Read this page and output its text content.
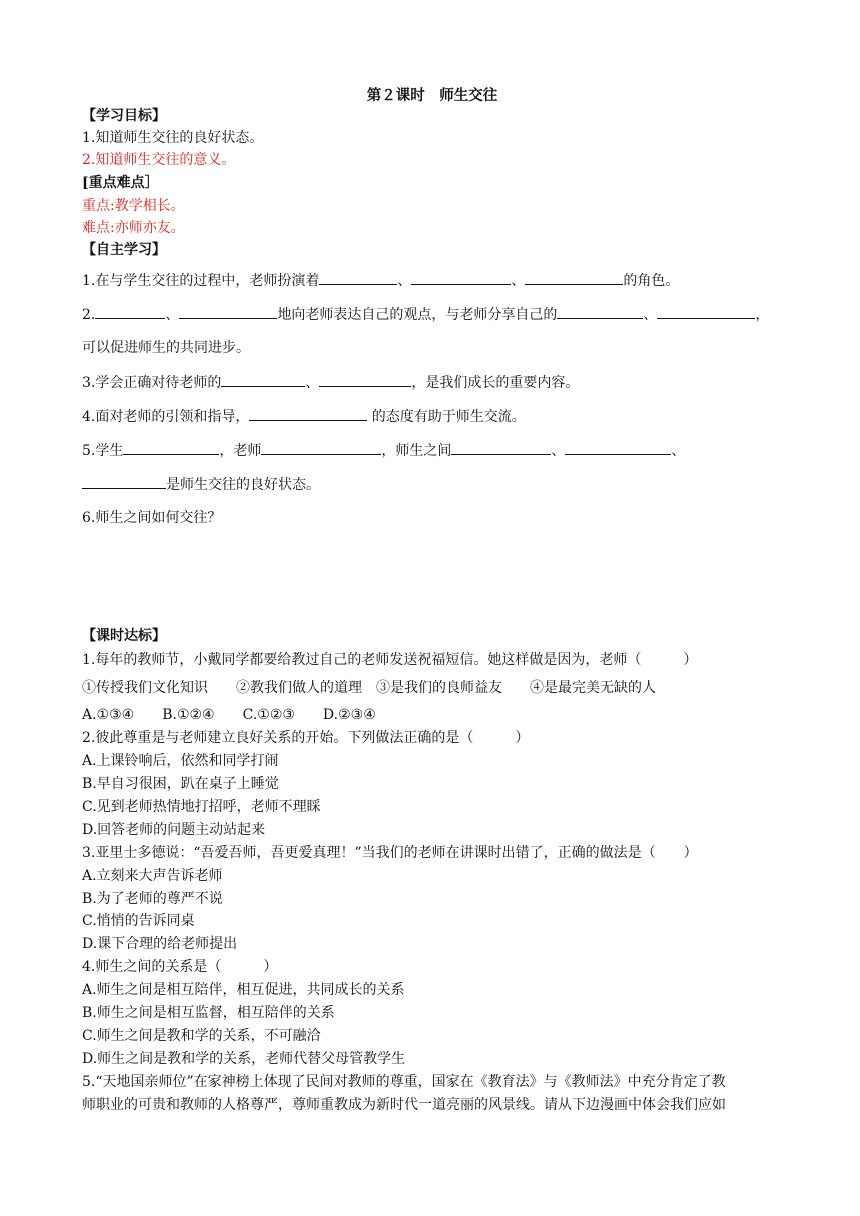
第２课时　师生交往
【学习目标】
1.知道师生交往的良好状态。
2.知道师生交往的意义。
[重点难点］
重点:教学相长。
难点:亦师亦友。
【自主学习】
1.在与学生交往的过程中，老师扮演着	、	、	的角色。
2.	、	地向老师表达自己的观点，与老师分享自己的	、	，
可以促进师生的共同进步。
3.学会正确对待老师的	、	，是我们成长的重要内容。
4.面对老师的引领和指导，	的态度有助于师生交流。
5.学生	，老师	，师生之间	、	、
是师生交往的良好状态。
6.师生之间如何交往？
【课时达标】
1.每年的教师节，小戴同学都要给教过自己的老师发送祝福短信。她这样做是因为，老师（　　　）
①传授我们文化知识　　②教我们做人的道理　③是我们的良师益友　　④是最完美无缺的人
A.①③④　　B.①②④　　C.①②③　　D.②③④
2.彼此尊重是与老师建立良好关系的开始。下列做法正确的是（　　　）
A.上课铃响后，依然和同学打闹
B.早自习很困，趴在桌子上睡觉
C.见到老师热情地打招呼，老师不理睬
D.回答老师的问题主动站起来
3.亚里士多德说：“吾爱吾师，吾更爱真理！”当我们的老师在讲课时出错了，正确的做法是（　　）
A.立刻来大声告诉老师
B.为了老师的尊严不说
C.悄悄的告诉同桌
D.课下合理的给老师提出
4.师生之间的关系是（　　　）
A.师生之间是相互陪伴，相互促进，共同成长的关系
B.师生之间是相互监督，相互陪伴的关系
C.师生之间是教和学的关系，不可融洽
D.师生之间是教和学的关系，老师代替父母管教学生
5.“天地国亲师位”在家神榜上体现了民间对教师的尊重，国家在《教育法》与《教师法》中充分肯定了教
师职业的可贵和教师的人格尊严，尊师重教成为新时代一道亮丽的风景线。请从下边漫画中体会我们应如
